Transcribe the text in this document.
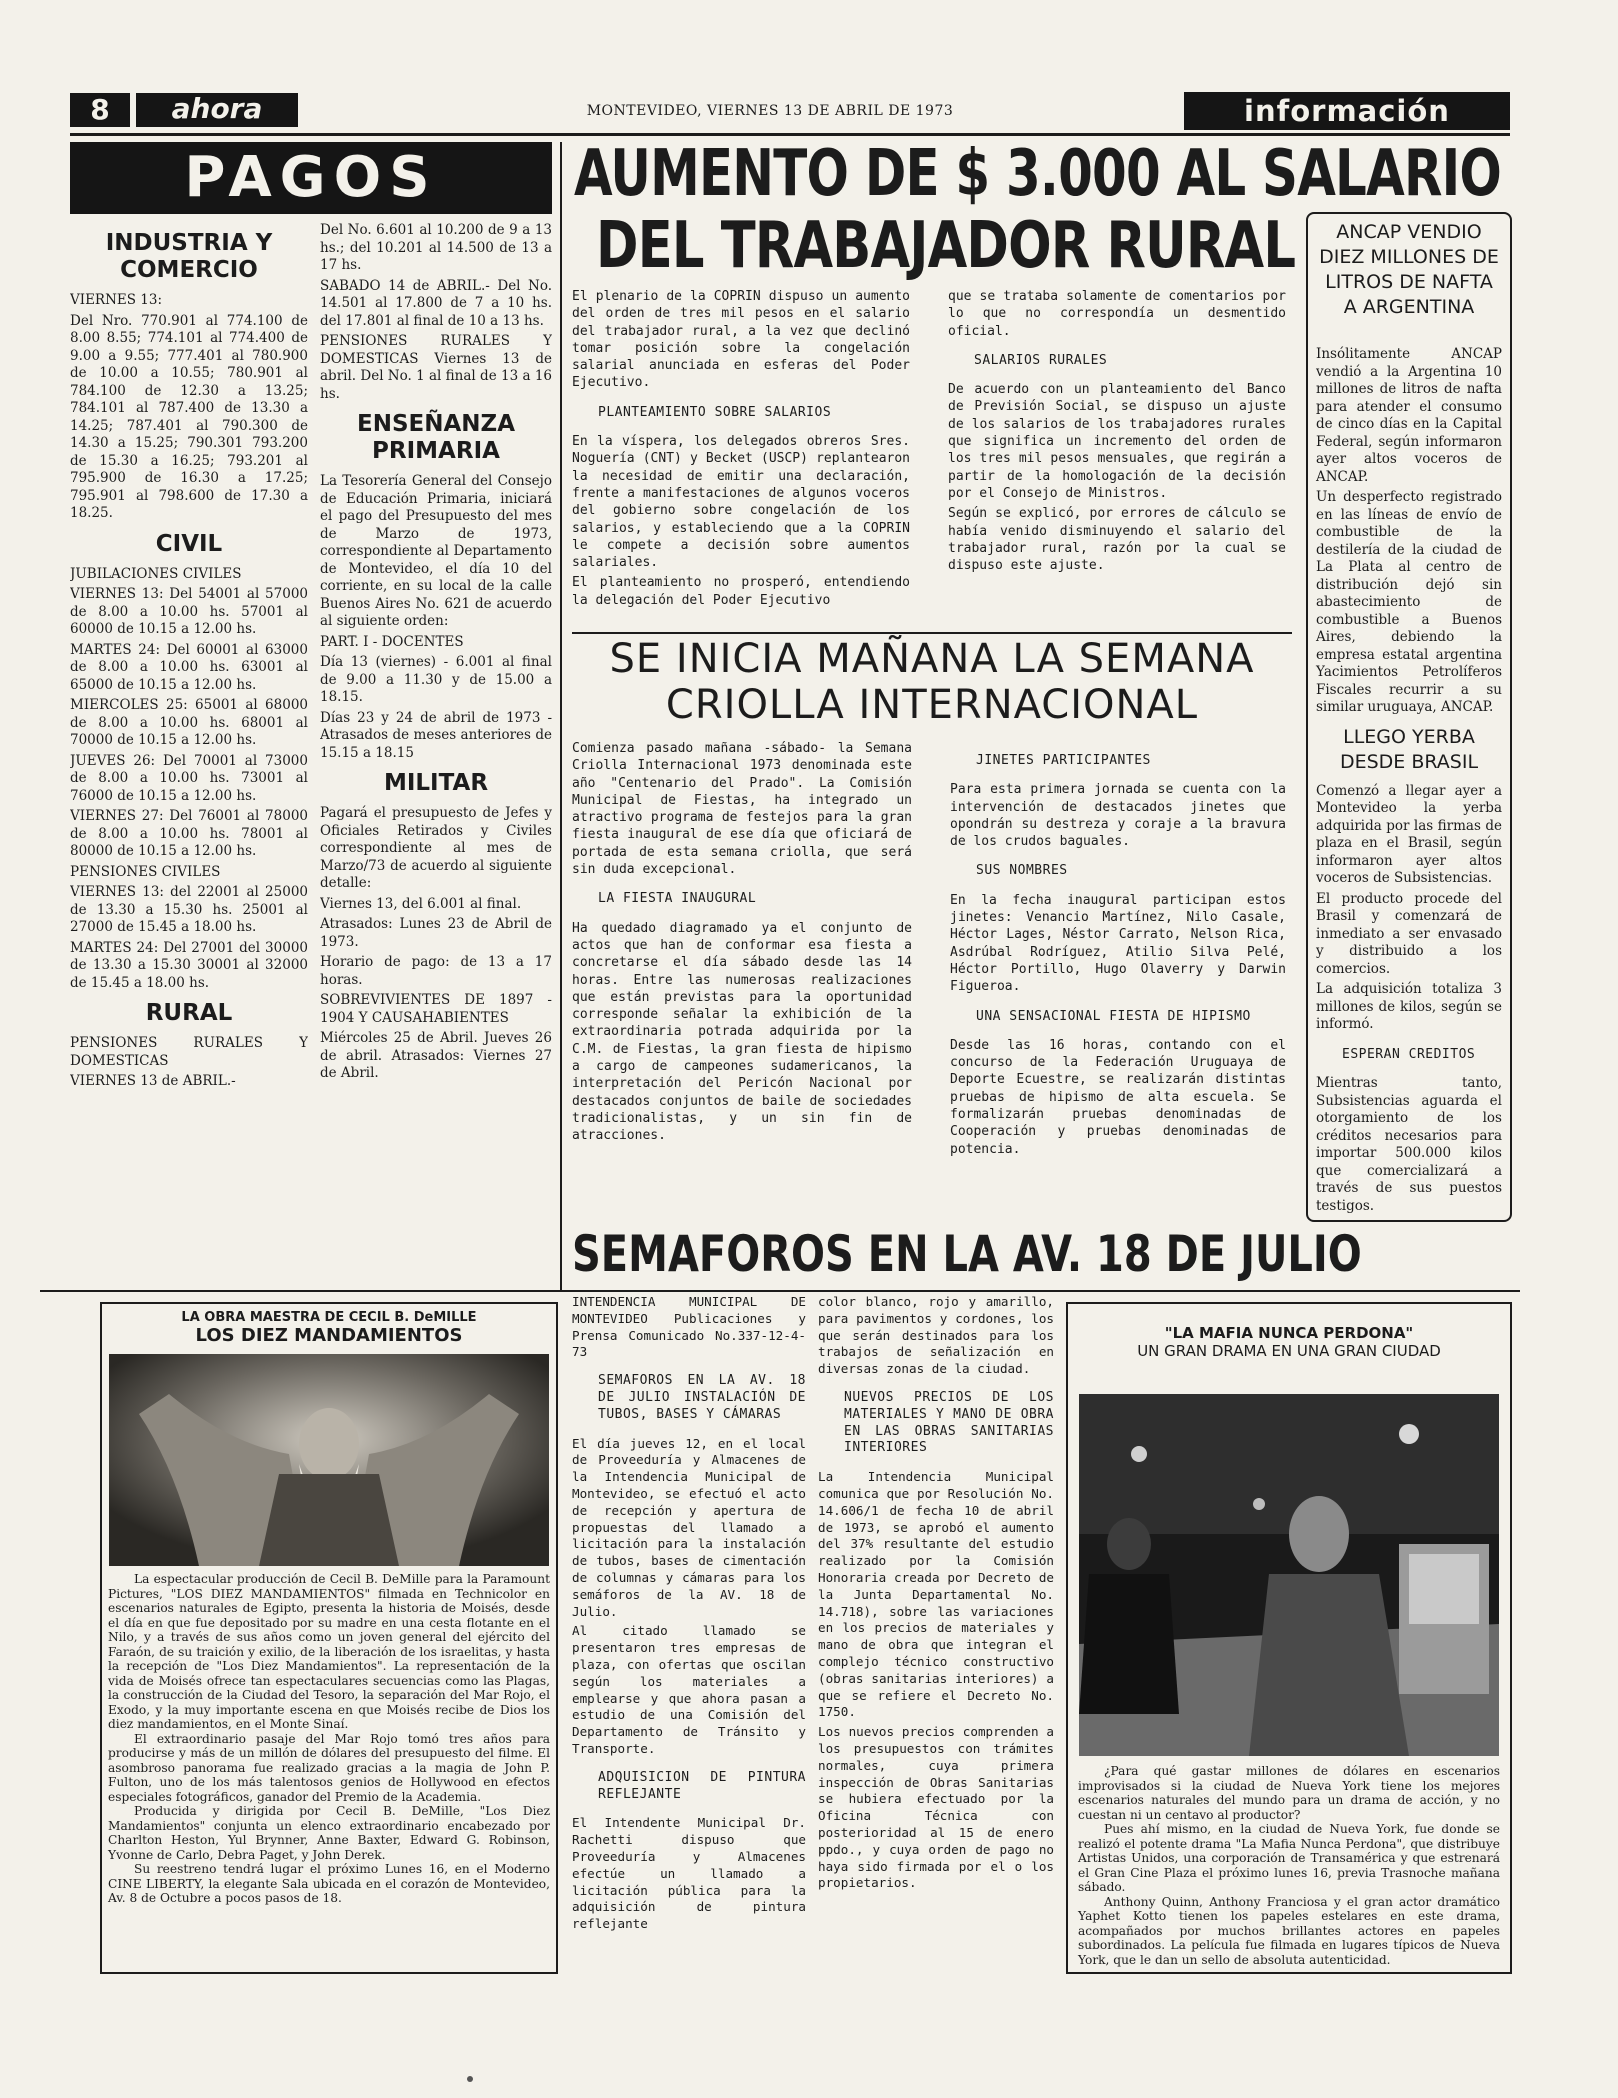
8	ahora	MONTEVIDEO, VIERNES 13 DE ABRIL DE 1973	información
PAGOS
INDUSTRIA Y COMERCIO

VIERNES 13:

Del Nro. 770.901 al 774.100 de 8.00 8.55; 774.101 al 774.400 de 9.00 a 9.55; 777.401 al 780.900 de 10.00 a 10.55; 780.901 al 784.100 de 12.30 a 13.25; 784.101 al 787.400 de 13.30 a 14.25; 787.401 al 790.300 de 14.30 a 15.25; 790.301 793.200 de 15.30 a 16.25; 793.201 al 795.900 de 16.30 a 17.25; 795.901 al 798.600 de 17.30 a 18.25.

CIVIL

JUBILACIONES CIVILES

VIERNES 13: Del 54001 al 57000 de 8.00 a 10.00 hs. 57001 al 60000 de 10.15 a 12.00 hs.

MARTES 24: Del 60001 al 63000 de 8.00 a 10.00 hs. 63001 al 65000 de 10.15 a 12.00 hs.

MIERCOLES 25: 65001 al 68000 de 8.00 a 10.00 hs. 68001 al 70000 de 10.15 a 12.00 hs.

JUEVES 26: Del 70001 al 73000 de 8.00 a 10.00 hs. 73001 al 76000 de 10.15 a 12.00 hs.

VIERNES 27: Del 76001 al 78000 de 8.00 a 10.00 hs. 78001 al 80000 de 10.15 a 12.00 hs.

PENSIONES CIVILES

VIERNES 13: del 22001 al 25000 de 13.30 a 15.30 hs. 25001 al 27000 de 15.45 a 18.00 hs.

MARTES 24: Del 27001 del 30000 de 13.30 a 15.30 30001 al 32000 de 15.45 a 18.00 hs.

RURAL

PENSIONES RURALES Y DOMESTICAS

VIERNES 13 de ABRIL.-

Del No. 6.601 al 10.200 de 9 a 13 hs.; del 10.201 al 14.500 de 13 a 17 hs.

SABADO 14 de ABRIL.- Del No. 14.501 al 17.800 de 7 a 10 hs. del 17.801 al final de 10 a 13 hs.

PENSIONES RURALES Y DOMESTICAS Viernes 13 de abril. Del No. 1 al final de 13 a 16 hs.

ENSEÑANZA PRIMARIA

La Tesorería General del Consejo de Educación Primaria, iniciará el pago del Presupuesto del mes de Marzo de 1973, correspondiente al Departamento de Montevideo, el día 10 del corriente, en su local de la calle Buenos Aires No. 621 de acuerdo al siguiente orden:

PART. I - DOCENTES

Día 13 (viernes) - 6.001 al final de 9.00 a 11.30 y de 15.00 a 18.15.

Días 23 y 24 de abril de 1973 - Atrasados de meses anteriores de 15.15 a 18.15

MILITAR

Pagará el presupuesto de Jefes y Oficiales Retirados y Civiles correspondiente al mes de Marzo/73 de acuerdo al siguiente detalle:

Viernes 13, del 6.001 al final.

Atrasados: Lunes 23 de Abril de 1973.

Horario de pago: de 13 a 17 horas.

SOBREVIVIENTES DE 1897 - 1904 Y CAUSAHABIENTES

Miércoles 25 de Abril. Jueves 26 de abril. Atrasados: Viernes 27 de Abril.

AUMENTO DE $ 3.000 AL SALARIO
DEL TRABAJADOR RURAL

El plenario de la COPRIN dispuso un aumento del orden de tres mil pesos en el salario del trabajador rural, a la vez que declinó tomar posición sobre la congelación salarial anunciada en esferas del Poder Ejecutivo.

PLANTEAMIENTO SOBRE SALARIOS

En la víspera, los delegados obreros Sres. Noguería (CNT) y Becket (USCP) replantearon la necesidad de emitir una declaración, frente a manifestaciones de algunos voceros del gobierno sobre congelación de los salarios, y estableciendo que a la COPRIN le compete a decisión sobre aumentos salariales.

El planteamiento no prosperó, entendiendo la delegación del Poder Ejecutivo

que se trataba solamente de comentarios por lo que no correspondía un desmentido oficial.

SALARIOS RURALES

De acuerdo con un planteamiento del Banco de Previsión Social, se dispuso un ajuste de los salarios de los trabajadores rurales que significa un incremento del orden de los tres mil pesos mensuales, que regirán a partir de la homologación de la decisión por el Consejo de Ministros.

Según se explicó, por errores de cálculo se había venido disminuyendo el salario del trabajador rural, razón por la cual se dispuso este ajuste.

ANCAP VENDIO DIEZ MILLONES DE LITROS DE NAFTA A ARGENTINA

Insólitamente ANCAP vendió a la Argentina 10 millones de litros de nafta para atender el consumo de cinco días en la Capital Federal, según informaron ayer altos voceros de ANCAP.

Un desperfecto registrado en las líneas de envío de combustible de la destilería de la ciudad de La Plata al centro de distribución dejó sin abastecimiento de combustible a Buenos Aires, debiendo la empresa estatal argentina Yacimientos Petrolíferos Fiscales recurrir a su similar uruguaya, ANCAP.

LLEGO YERBA DESDE BRASIL

Comenzó a llegar ayer a Montevideo la yerba adquirida por las firmas de plaza en el Brasil, según informaron ayer altos voceros de Subsistencias.

El producto procede del Brasil y comenzará de inmediato a ser envasado y distribuido a los comercios.

La adquisición totaliza 3 millones de kilos, según se informó.

ESPERAN CREDITOS

Mientras tanto, Subsistencias aguarda el otorgamiento de los créditos necesarios para importar 500.000 kilos que comercializará a través de sus puestos testigos.

SE INICIA MAÑANA LA SEMANA
CRIOLLA INTERNACIONAL

Comienza pasado mañana -sábado- la Semana Criolla Internacional 1973 denominada este año "Centenario del Prado". La Comisión Municipal de Fiestas, ha integrado un atractivo programa de festejos para la gran fiesta inaugural de ese día que oficiará de portada de esta semana criolla, que será sin duda excepcional.

LA FIESTA INAUGURAL

Ha quedado diagramado ya el conjunto de actos que han de conformar esa fiesta a concretarse el día sábado desde las 14 horas. Entre las numerosas realizaciones que están previstas para la oportunidad corresponde señalar la exhibición de la extraordinaria potrada adquirida por la C.M. de Fiestas, la gran fiesta de hipismo a cargo de campeones sudamericanos, la interpretación del Pericón Nacional por destacados conjuntos de baile de sociedades tradicionalistas, y un sin fin de atracciones.

JINETES PARTICIPANTES

Para esta primera jornada se cuenta con la intervención de destacados jinetes que opondrán su destreza y coraje a la bravura de los crudos baguales.

SUS NOMBRES

En la fecha inaugural participan estos jinetes: Venancio Martínez, Nilo Casale, Héctor Lages, Néstor Carrato, Nelson Rica, Asdrúbal Rodríguez, Atilio Silva Pelé, Héctor Portillo, Hugo Olaverry y Darwin Figueroa.

UNA SENSACIONAL FIESTA DE HIPISMO

Desde las 16 horas, contando con el concurso de la Federación Uruguaya de Deporte Ecuestre, se realizarán distintas pruebas de hipismo de alta escuela. Se formalizarán pruebas denominadas de Cooperación y pruebas denominadas de potencia.

SEMAFOROS EN LA AV. 18 DE JULIO

INTENDENCIA MUNICIPAL DE MONTEVIDEO Publicaciones y Prensa Comunicado No.337-12-4-73

SEMAFOROS EN LA AV. 18 DE JULIO INSTALACIÓN DE TUBOS, BASES Y CÁMARAS

El día jueves 12, en el local de Proveeduría y Almacenes de la Intendencia Municipal de Montevideo, se efectuó el acto de recepción y apertura de propuestas del llamado a licitación para la instalación de tubos, bases de cimentación de columnas y cámaras para los semáforos de la AV. 18 de Julio.

Al citado llamado se presentaron tres empresas de plaza, con ofertas que oscilan según los materiales a emplearse y que ahora pasan a estudio de una Comisión del Departamento de Tránsito y Transporte.

ADQUISICION DE PINTURA REFLEJANTE

El Intendente Municipal Dr. Rachetti dispuso que Proveeduría y Almacenes efectúe un llamado a licitación pública para la adquisición de pintura reflejante

color blanco, rojo y amarillo, para pavimentos y cordones, los que serán destinados para los trabajos de señalización en diversas zonas de la ciudad.

NUEVOS PRECIOS DE LOS MATERIALES Y MANO DE OBRA EN LAS OBRAS SANITARIAS INTERIORES

La Intendencia Municipal comunica que por Resolución No. 14.606/1 de fecha 10 de abril de 1973, se aprobó el aumento del 37% resultante del estudio realizado por la Comisión Honoraria creada por Decreto de la Junta Departamental No. 14.718), sobre las variaciones en los precios de materiales y mano de obra que integran el complejo técnico constructivo (obras sanitarias interiores) a que se refiere el Decreto No. 1750.

Los nuevos precios comprenden a los presupuestos con trámites normales, cuya primera inspección de Obras Sanitarias se hubiera efectuado por la Oficina Técnica con posterioridad al 15 de enero ppdo., y cuya orden de pago no haya sido firmada por el o los propietarios.

LA OBRA MAESTRA DE CECIL B. DeMILLE
LOS DIEZ MANDAMIENTOS

La espectacular producción de Cecil B. DeMille para la Paramount Pictures, "LOS DIEZ MANDAMIENTOS" filmada en Technicolor en escenarios naturales de Egipto, presenta la historia de Moisés, desde el día en que fue depositado por su madre en una cesta flotante en el Nilo, y a través de sus años como un joven general del ejército del Faraón, de su traición y exilio, de la liberación de los israelitas, y hasta la recepción de "Los Diez Mandamientos". La representación de la vida de Moisés ofrece tan espectaculares secuencias como las Plagas, la construcción de la Ciudad del Tesoro, la separación del Mar Rojo, el Exodo, y la muy importante escena en que Moisés recibe de Dios los diez mandamientos, en el Monte Sinaí.

El extraordinario pasaje del Mar Rojo tomó tres años para producirse y más de un millón de dólares del presupuesto del filme. El asombroso panorama fue realizado gracias a la magia de John P. Fulton, uno de los más talentosos genios de Hollywood en efectos especiales fotográficos, ganador del Premio de la Academia.

Producida y dirigida por Cecil B. DeMille, "Los Diez Mandamientos" conjunta un elenco extraordinario encabezado por Charlton Heston, Yul Brynner, Anne Baxter, Edward G. Robinson, Yvonne de Carlo, Debra Paget, y John Derek.

Su reestreno tendrá lugar el próximo Lunes 16, en el Moderno CINE LIBERTY, la elegante Sala ubicada en el corazón de Montevideo, Av. 8 de Octubre a pocos pasos de 18.

"LA MAFIA NUNCA PERDONA"
UN GRAN DRAMA EN UNA GRAN CIUDAD

¿Para qué gastar millones de dólares en escenarios improvisados si la ciudad de Nueva York tiene los mejores escenarios naturales del mundo para un drama de acción, y no cuestan ni un centavo al productor?

Pues ahí mismo, en la ciudad de Nueva York, fue donde se realizó el potente drama "La Mafia Nunca Perdona", que distribuye Artistas Unidos, una corporación de Transamérica y que estrenará el Gran Cine Plaza el próximo lunes 16, previa Trasnoche mañana sábado.

Anthony Quinn, Anthony Franciosa y el gran actor dramático Yaphet Kotto tienen los papeles estelares en este drama, acompañados por muchos brillantes actores en papeles subordinados. La película fue filmada en lugares típicos de Nueva York, que le dan un sello de absoluta autenticidad.
